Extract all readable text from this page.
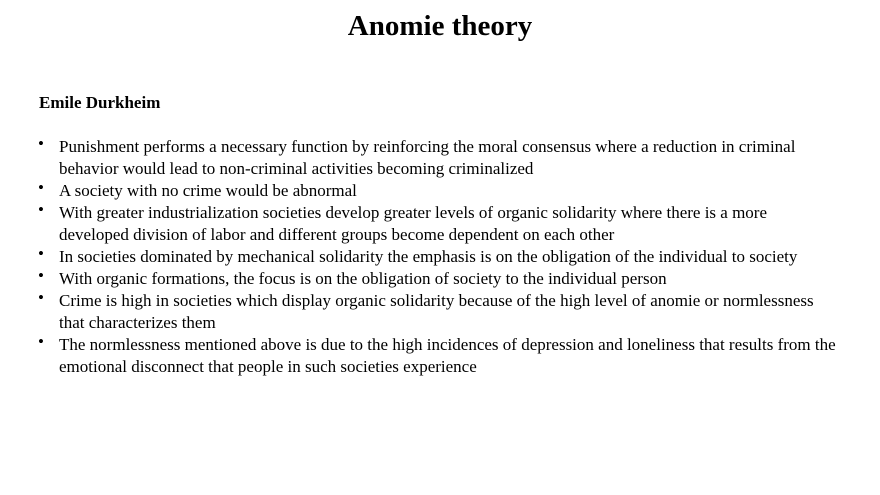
Anomie theory
Emile Durkheim
• Punishment performs a necessary function by reinforcing the moral consensus where a reduction in criminal behavior would lead to non-criminal activities becoming criminalized
• A society with no crime would be abnormal
• With greater industrialization societies develop greater levels of organic solidarity where there is a more developed division of labor and different groups become dependent on each other
• In societies dominated by mechanical solidarity the emphasis is on the obligation of the individual to society
• With organic formations, the focus is on the obligation of society to the individual person
• Crime is high in societies which display organic solidarity because of the high level of anomie or normlessness that characterizes them
• The normlessness mentioned above is due to the high incidences of depression and loneliness that results from the emotional disconnect that people in such societies experience
